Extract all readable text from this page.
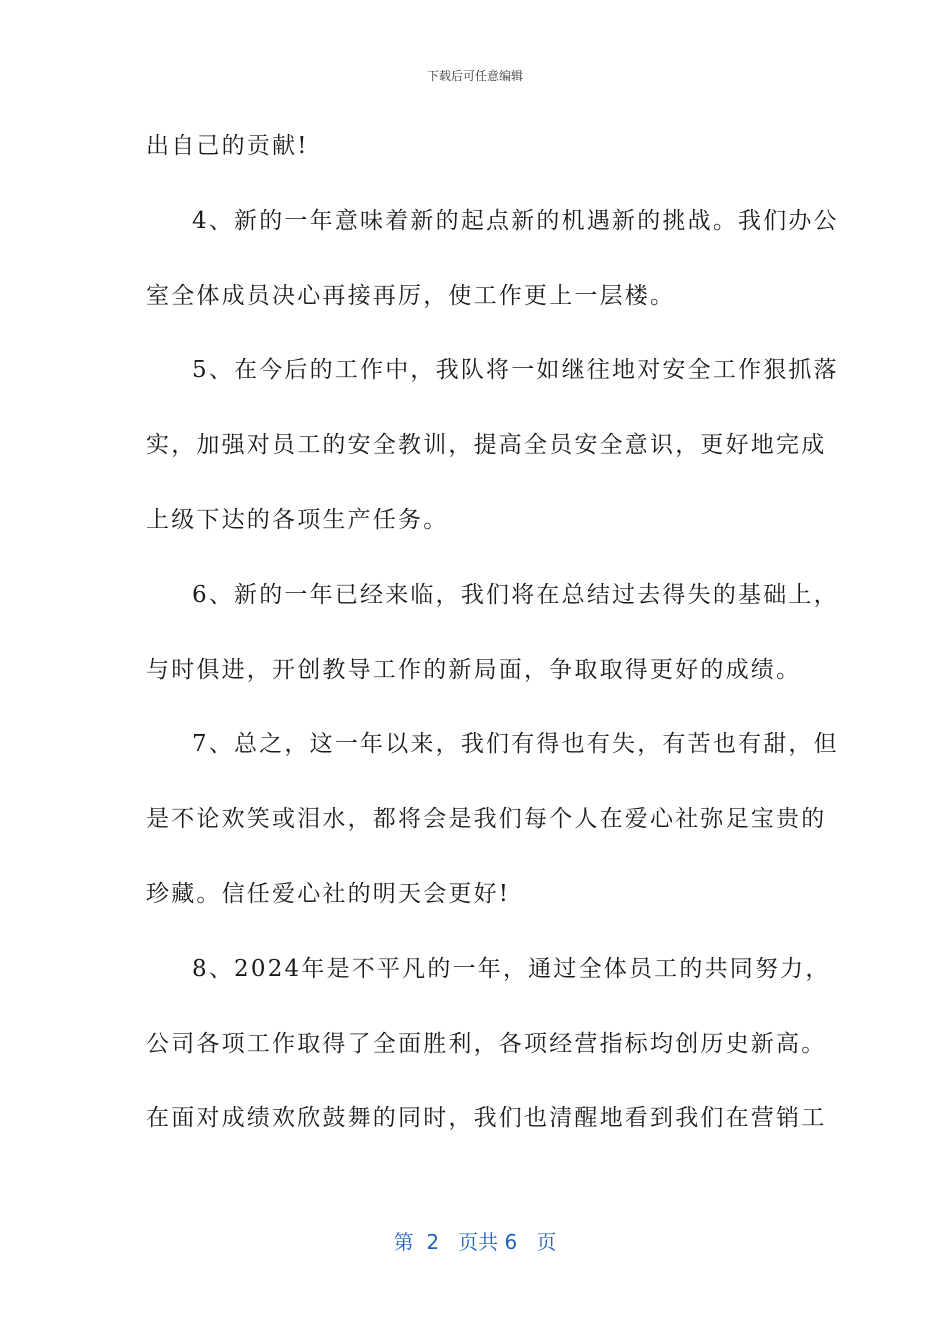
下载后可任意编辑
出自己的贡献!
4、新的一年意味着新的起点新的机遇新的挑战。我们办公
室全体成员决心再接再厉，使工作更上一层楼。
5、在今后的工作中，我队将一如继往地对安全工作狠抓落
实，加强对员工的安全教训，提高全员安全意识，更好地完成
上级下达的各项生产任务。
6、新的一年已经来临，我们将在总结过去得失的基础上，
与时俱进，开创教导工作的新局面，争取取得更好的成绩。
7、总之，这一年以来，我们有得也有失，有苦也有甜，但
是不论欢笑或泪水，都将会是我们每个人在爱心社弥足宝贵的
珍藏。信任爱心社的明天会更好!
8、2024年是不平凡的一年，通过全体员工的共同努力，
公司各项工作取得了全面胜利，各项经营指标均创历史新高。
在面对成绩欢欣鼓舞的同时，我们也清醒地看到我们在营销工
第  2   页共 6   页
